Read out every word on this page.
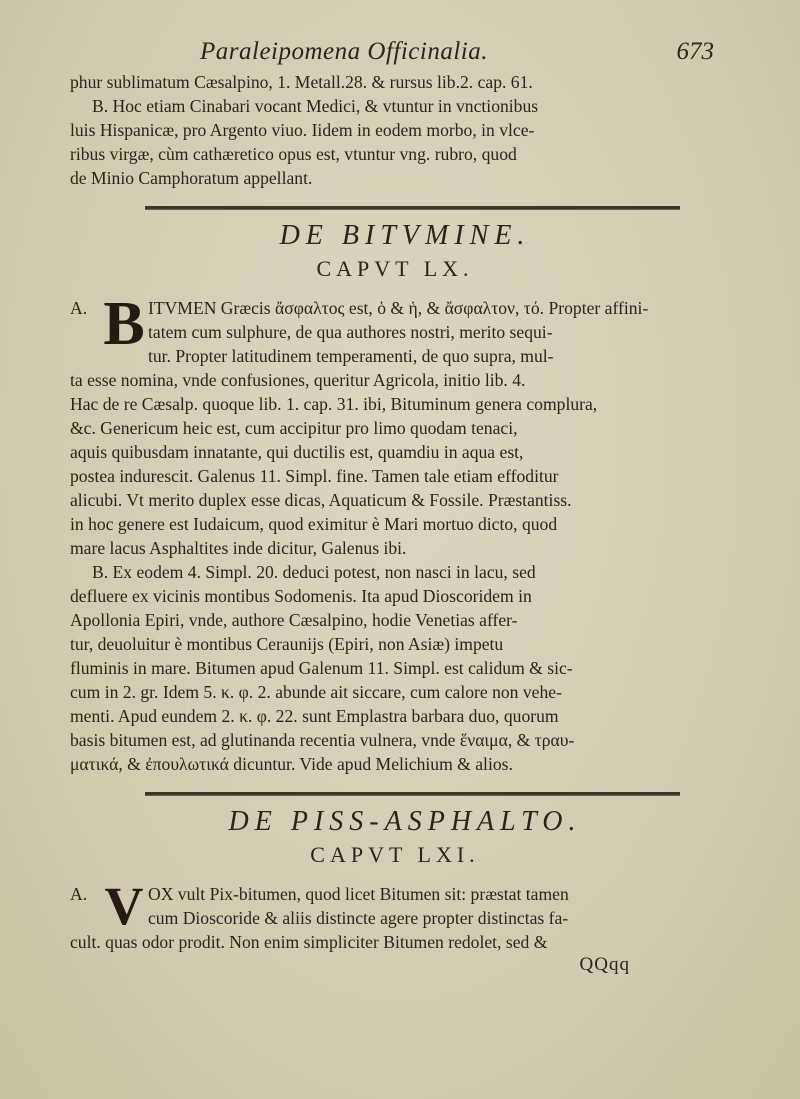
Paraleipomena Officinalia.	673
phur sublimatum Cæsalpino, 1. Metall.28. & rursus lib.2. cap. 61.
B. Hoc etiam Cinabari vocant Medici, & vtuntur in vnctionibus
luis Hispanicæ, pro Argento viuo. Iidem in eodem morbo, in vlce-
ribus virgæ, cùm cathæretico opus est, vtuntur vng. rubro, quod
de Minio Camphoratum appellant.
DE BITVMINE.
CAPVT LX.
A. B ITVMEN Græcis ἄσφαλτος est, ὁ & ἡ, & ἄσφαλτον, τό. Propter affini-
tatem cum sulphure, de qua authores nostri, merito sequi-
tur. Propter latitudinem temperamenti, de quo supra, mul-
ta esse nomina, vnde confusiones, queritur Agricola, initio lib. 4.
Hac de re Cæsalp. quoque lib. 1. cap. 31. ibi, Bituminum genera complura,
&c. Genericum heic est, cum accipitur pro limo quodam tenaci,
aquis quibusdam innatante, qui ductilis est, quamdiu in aqua est,
postea indurescit. Galenus 11. Simpl. fine. Tamen tale etiam effoditur
alicubi. Vt merito duplex esse dicas, Aquaticum & Fossile. Præstantiss.
in hoc genere est Iudaicum, quod eximitur è Mari mortuo dicto, quod
mare lacus Asphaltites inde dicitur, Galenus ibi.
B. Ex eodem 4. Simpl. 20. deduci potest, non nasci in lacu, sed
defluere ex vicinis montibus Sodomenis. Ita apud Dioscoridem in
Apollonia Epiri, vnde, authore Cæsalpino, hodie Venetias affer-
tur, deuoluitur è montibus Ceraunijs (Epiri, non Asiæ) impetu
fluminis in mare. Bitumen apud Galenum 11. Simpl. est calidum & sic-
cum in 2. gr. Idem 5. κ. φ. 2. abunde ait siccare, cum calore non vehe-
menti. Apud eundem 2. κ. φ. 22. sunt Emplastra barbara duo, quorum
basis bitumen est, ad glutinanda recentia vulnera, vnde ἕναιμα, & τραυ-
ματικά, & ἐπουλωτικά dicuntur. Vide apud Melichium & alios.
DE PISS-ASPHALTO.
CAPVT LXI.
A. V OX vult Pix-bitumen, quod licet Bitumen sit: præstat tamen
cum Dioscoride & aliis distincte agere propter distinctas fa-
cult. quas odor prodit. Non enim simpliciter Bitumen redolet, sed &
QQqq
